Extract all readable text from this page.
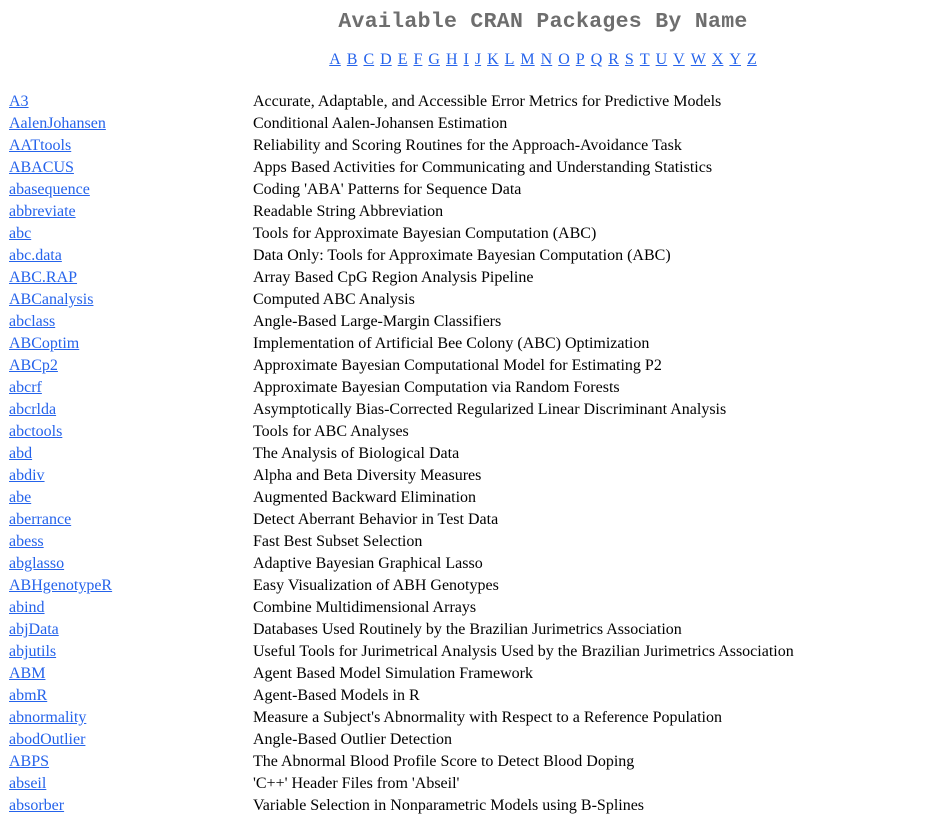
Available CRAN Packages By Name
A B C D E F G H I J K L M N O P Q R S T U V W X Y Z
A3	Accurate, Adaptable, and Accessible Error Metrics for Predictive Models
AalenJohansen	Conditional Aalen-Johansen Estimation
AATtools	Reliability and Scoring Routines for the Approach-Avoidance Task
ABACUS	Apps Based Activities for Communicating and Understanding Statistics
abasequence	Coding 'ABA' Patterns for Sequence Data
abbreviate	Readable String Abbreviation
abc	Tools for Approximate Bayesian Computation (ABC)
abc.data	Data Only: Tools for Approximate Bayesian Computation (ABC)
ABC.RAP	Array Based CpG Region Analysis Pipeline
ABCanalysis	Computed ABC Analysis
abclass	Angle-Based Large-Margin Classifiers
ABCoptim	Implementation of Artificial Bee Colony (ABC) Optimization
ABCp2	Approximate Bayesian Computational Model for Estimating P2
abcrf	Approximate Bayesian Computation via Random Forests
abcrlda	Asymptotically Bias-Corrected Regularized Linear Discriminant Analysis
abctools	Tools for ABC Analyses
abd	The Analysis of Biological Data
abdiv	Alpha and Beta Diversity Measures
abe	Augmented Backward Elimination
aberrance	Detect Aberrant Behavior in Test Data
abess	Fast Best Subset Selection
abglasso	Adaptive Bayesian Graphical Lasso
ABHgenotypeR	Easy Visualization of ABH Genotypes
abind	Combine Multidimensional Arrays
abjData	Databases Used Routinely by the Brazilian Jurimetrics Association
abjutils	Useful Tools for Jurimetrical Analysis Used by the Brazilian Jurimetrics Association
ABM	Agent Based Model Simulation Framework
abmR	Agent-Based Models in R
abnormality	Measure a Subject's Abnormality with Respect to a Reference Population
abodOutlier	Angle-Based Outlier Detection
ABPS	The Abnormal Blood Profile Score to Detect Blood Doping
abseil	'C++' Header Files from 'Abseil'
absorber	Variable Selection in Nonparametric Models using B-Splines
